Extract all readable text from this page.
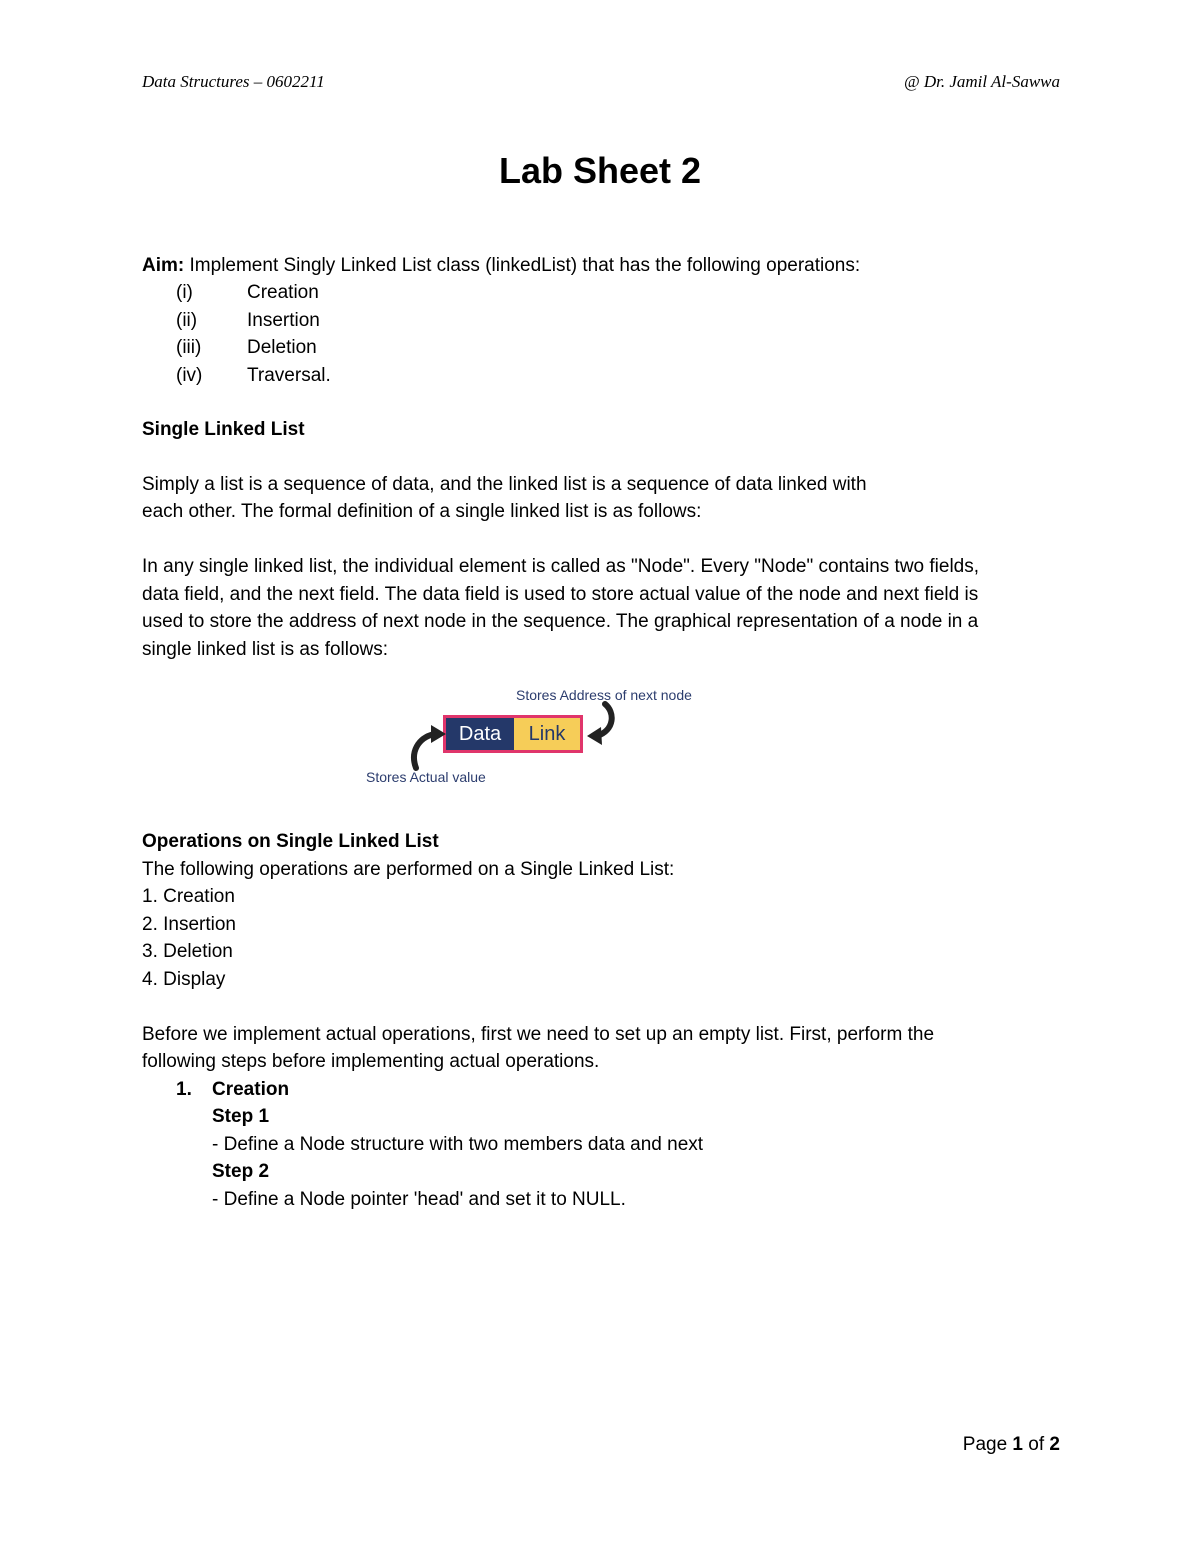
Data Structures – 0602211	@ Dr. Jamil Al-Sawwa
Lab Sheet 2
Aim: Implement Singly Linked List class (linkedList) that has the following operations:
(i)	Creation
(ii)	Insertion
(iii) Deletion
(iv) Traversal.
Single Linked List
Simply a list is a sequence of data, and the linked list is a sequence of data linked with
each other. The formal definition of a single linked list is as follows:
In any single linked list, the individual element is called as "Node". Every "Node" contains two fields,
data field, and the next field. The data field is used to store actual value of the node and next field is
used to store the address of next node in the sequence. The graphical representation of a node in a
single linked list is as follows:
Stores Address of next node
Data	Link
Stores Actual value
Operations on Single Linked List
The following operations are performed on a Single Linked List:
1. Creation
2. Insertion
3. Deletion
4. Display
Before we implement actual operations, first we need to set up an empty list. First, perform the
following steps before implementing actual operations.
1. Creation
Step 1
- Define a Node structure with two members data and next
Step 2
- Define a Node pointer 'head' and set it to NULL.
Page 1 of 2
